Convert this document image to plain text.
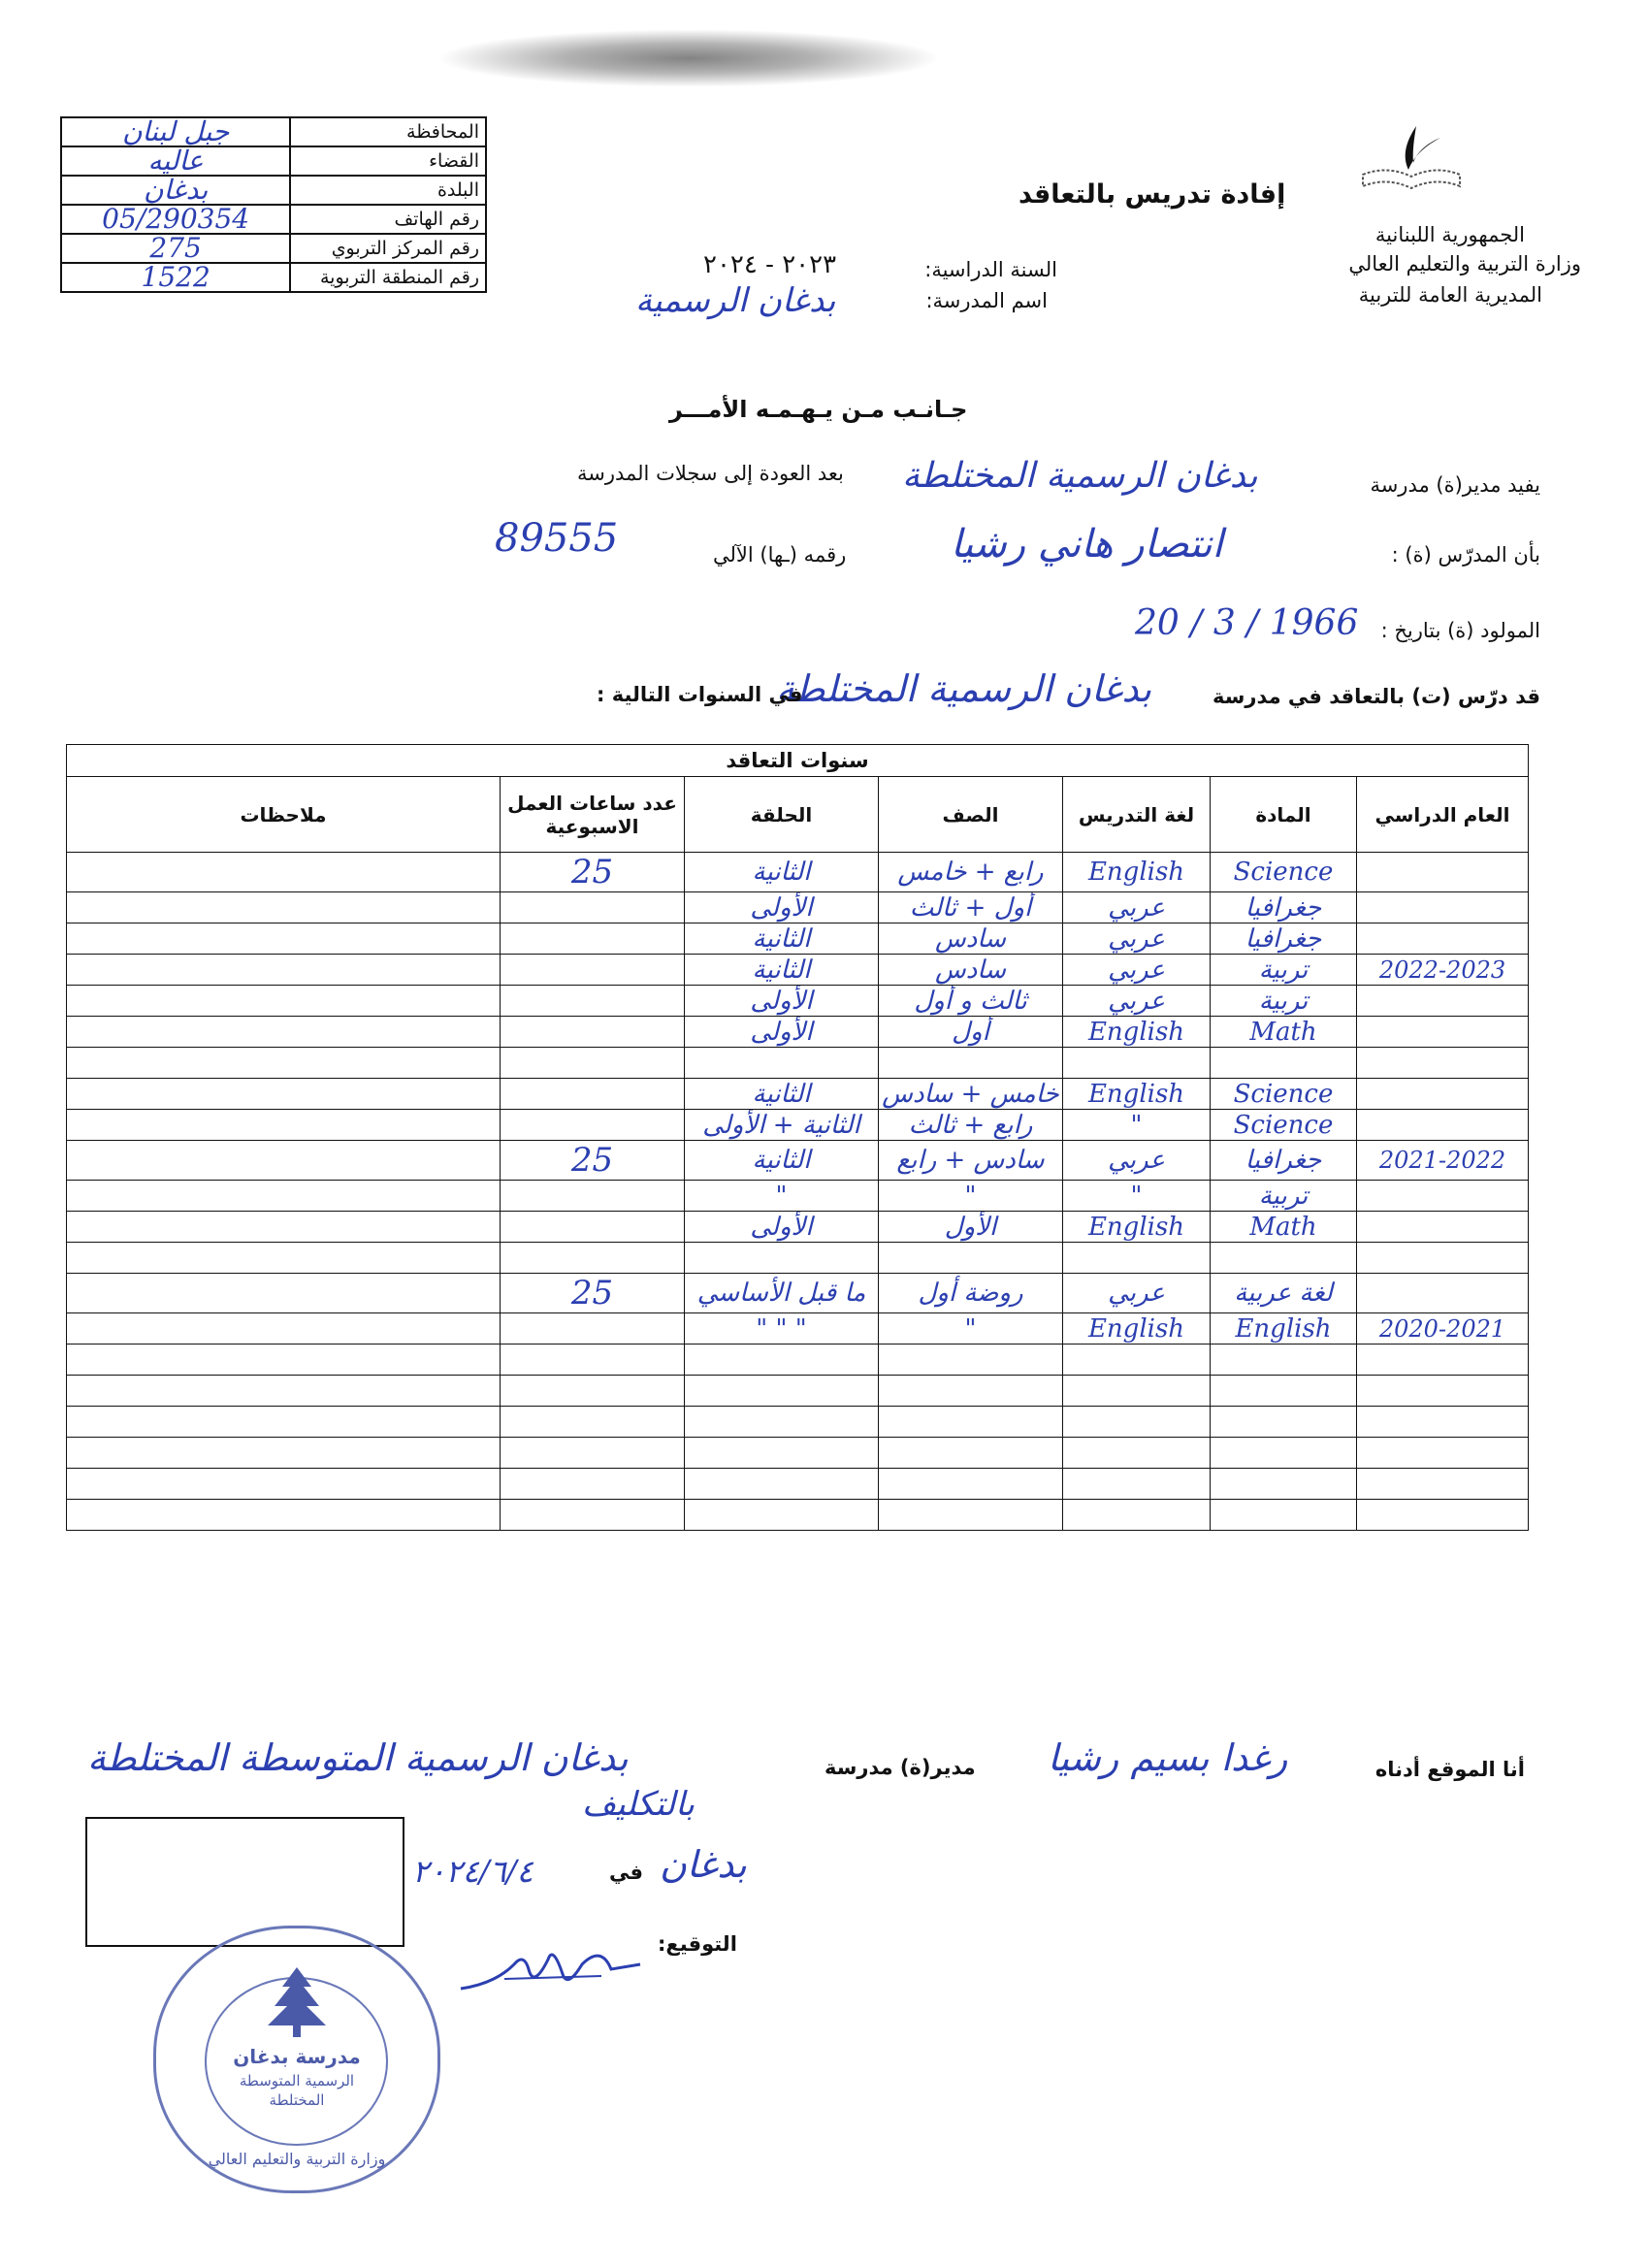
الجمهورية اللبنانية
وزارة التربية والتعليم العالي
المديرية العامة للتربية
إفادة تدريس بالتعاقد
السنة الدراسية:
٢٠٢٣ - ٢٠٢٤
اسم المدرسة:
بدغان الرسمية
جبل لبنان	المحافظة
عاليه	القضاء
بدغان	البلدة
05/290354	رقم الهاتف
275	رقم المركز التربوي
1522	رقم المنطقة التربوية
جـانـب مـن يـهـمـه الأمـــر
يفيد مدير(ة) مدرسة
بدغان الرسمية المختلطة
بعد العودة إلى سجلات المدرسة
بأن المدرّس (ة) :
انتصار هاني رشيا
رقمه (ـها) الآلي
89555
المولود (ة) بتاريخ :
20 / 3 / 1966
قد درّس (ت) بالتعاقد في مدرسة
بدغان الرسمية المختلطة
في السنوات التالية :
سنوات التعاقد						
العام الدراسي	المادة	لغة التدريس	الصف	الحلقة	عدد ساعات العمل الاسبوعية	ملاحظات
	Science	English	رابع + خامس	الثانية	25	
	جغرافيا	عربي	أول + ثالث	الأولى		
	جغرافيا	عربي	سادس	الثانية		
2022-2023	تربية	عربي	سادس	الثانية		
	تربية	عربي	ثالث و أول	الأولى		
	Math	English	أول	الأولى		

	Science	English	خامس + سادس	الثانية		
	Science	"	رابع + ثالث	الثانية + الأولى		
2021-2022	جغرافيا	عربي	سادس + رابع	الثانية	25	
	تربية	"	"	"		
	Math	English	الأول	الأولى		

	لغة عربية	عربي	روضة أول	ما قبل الأساسي	25	
2020-2021	English	English	"	" " "		

أنا الموقع أدناه
رغدا بسيم رشيا
مدير(ة) مدرسة
بدغان الرسمية المتوسطة المختلطة
بالتكليف
بدغان
في
٢٠٢٤/٦/٤
التوقيع:
مدرسة بدغان
الرسمية المتوسطة
المختلطة
وزارة التربية والتعليم العالي
